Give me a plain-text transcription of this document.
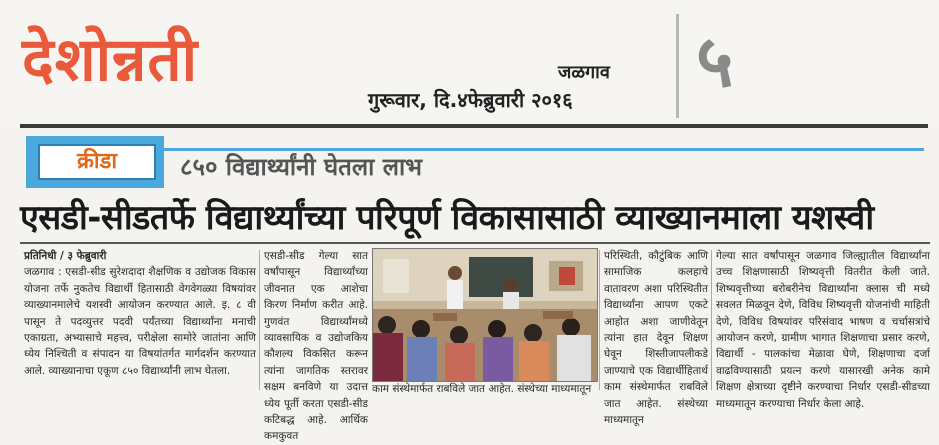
देशोन्नती	जळगाव
गुरूवार, दि.४फेब्रुवारी २०१६ ५
क्रीडा	८५० विद्यार्थ्यांनी घेतला लाभ
एसडी-सीडतर्फे विद्यार्थ्यांच्या परिपूर्ण विकासासाठी व्याख्यानमाला यशस्वी

प्रतिनिधी / ३ फेब्रुवारी

जळगाव : एसडी-सीड सुरेशदादा शैक्षणिक व उद्योजक विकास योजना तर्फे नुकतेच विद्यार्थी हितासाठी वेगवेगळ्या विषयांवर व्याख्यानमालेचे यशस्वी आयोजन करण्यात आले. इ. ८ वी पासून ते पदव्युत्तर पदवी पर्यंतच्या विद्यार्थ्यांना मनाची एकाग्रता, अभ्यासाचे महत्त्व, परीक्षेला सामोरे जातांना आणि ध्येय निश्चिती व संपादन या विषयांतर्गत मार्गदर्शन करण्यात आले. व्याख्यानाचा एकूण ८५० विद्यार्थ्यांनी लाभ घेतला.

एसडी-सीड गेल्या सात वर्षांपासून विद्यार्थ्यांच्या जीवनात एक आशेचा किरण निर्माण करीत आहे. गुणवंत विद्यार्थ्यांमध्ये व्यावसायिक व उद्योजकिय कौशल्य विकसित करून त्यांना जागतिक स्तरावर सक्षम बनविणे या उदात्त ध्येय पूर्ती करता एसडी-सीड कटिबद्ध आहे. आर्थिक कमकुवत

काम संस्थेमार्फत राबविले जात आहेत. संस्थेच्या माध्यमातून

परिस्थिती, कौटुंबिक आणि सामाजिक कलहाचे वातावरण अशा परिस्थितीत विद्यार्थ्यांना आपण एकटे आहोत अशा जाणीवेतून त्यांना हात देवून शिक्षण घेवून शिस्तीजापलीकडे जाण्याचे एक विद्यार्थीहितार्थ काम संस्थेमार्फत राबविले जात आहेत. संस्थेच्या माध्यमातून

गेल्या सात वर्षांपासून जळगाव जिल्ह्यातील विद्यार्थ्यांना उच्च शिक्षणासाठी शिष्यवृत्ती वितरीत केली जाते. शिष्यवृत्तीच्या बरोबरीनेच विद्यार्थ्यांना क्लास ची मध्ये सवलत मिळवून देणे, विविध शिष्यवृत्ती योजनांची माहिती देणे, विविध विषयांवर परिसंवाद भाषण व चर्चासत्रांचे आयोजन करणे, ग्रामीण भागात शिक्षणाचा प्रसार करणे, विद्यार्थी - पालकांचा मेळावा घेणे, शिक्षणाचा दर्जा वाढविण्यासाठी प्रयत्न करणे यासारखी अनेक कामे शिक्षण क्षेत्राच्या दृष्टीने करण्याचा निर्धार एसडी-सीडच्या माध्यमातून करण्याचा निर्धार केला आहे.
